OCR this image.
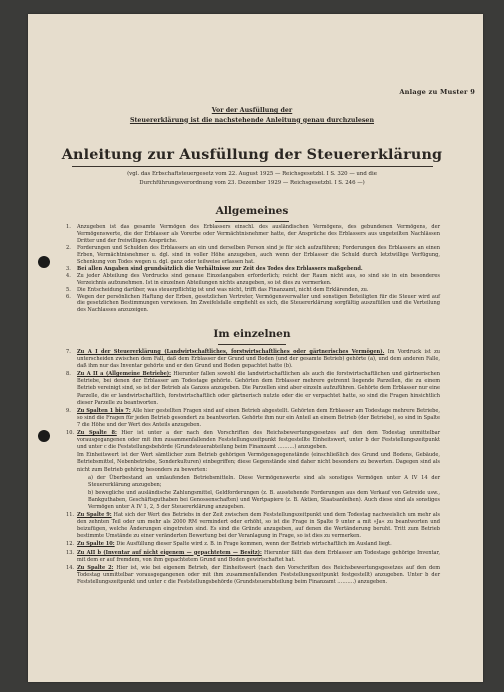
Anlage zu Muster 9

Vor der Ausfüllung der
Steuererklärung ist die nachstehende Anleitung genau durchzulesen
Anleitung zur Ausfüllung der Steuererklärung
(vgl. das Erbschaftsteuergesetz vom 22. August 1925 — Reichsgesetzbl. I S. 320 — und die
Durchführungsverordnung vom 23. Dezember 1929 — Reichsgesetzbl. I S. 246 —)
Allgemeines
1.	Anzugeben ist das gesamte Vermögen des Erblassers einschl. des ausländischen Vermögens, des gebundenen Vermögens, der Vermögenswerte, die der Erblasser als Vorerbe oder Vermächtnisnehmer hatte, der Ansprüche des Erblassers aus ungeteilten Nachlässen Dritter und der freiwilligen Ansprüche.
2.	Forderungen und Schulden des Erblassers an ein und derselben Person sind je für sich aufzuführen; Forderungen des Erblassers an einen Erben, Vermächtnisnehmer u. dgl. sind in voller Höhe anzugeben, auch wenn der Erblasser die Schuld durch letztwillige Verfügung, Schenkung von Todes wegen u. dgl. ganz oder teilweise erlassen hat.
3.	Bei allen Angaben sind grundsätzlich die Verhältnisse zur Zeit des Todes des Erblassers maßgebend.
4.	Zu jeder Abteilung des Vordrucks sind genaue Einzelangaben erforderlich; reicht der Raum nicht aus, so sind sie in ein besonderes Verzeichnis aufzunehmen. Ist in einzelnen Abteilungen nichts anzugeben, so ist dies zu vermerken.
5.	Die Entscheidung darüber, was steuerpflichtig ist und was nicht, trifft das Finanzamt, nicht dem Erklärenden, zu.
6.	Wegen der persönlichen Haftung der Erben, gesetzlichen Vertreter, Vermögensverwalter und sonstigen Beteiligten für die Steuer wird auf die gesetzlichen Bestimmungen verwiesen. Im Zweifelsfalle empfiehlt es sich, die Steuererklärung sorgfältig auszufüllen und die Verteilung des Nachlasses anzuzeigen.
Im einzelnen
7.	Zu A I der Steuererklärung (Landwirtschaftliches, forstwirtschaftliches oder gärtnerisches Vermögen). Im Vordruck ist zu unterscheiden zwischen dem Fall, daß dem Erblasser der Grund und Boden (und der gesamte Betrieb) gehörte (a), und dem anderen Falle, daß ihm nur das Inventar gehörte und er den Grund und Boden gepachtet hatte (b).
8.	Zu A II a (Allgemeine Betriebe): Hierunter fallen sowohl die landwirtschaftlichen als auch die forstwirtschaftlichen und gärtnerischen Betriebe, bei denen der Erblasser am Todestage gehörte. Gehörten dem Erblasser mehrere getrennt liegende Parzellen, die zu einem Betrieb vereinigt sind, so ist der Betrieb als Ganzes anzugeben. Die Parzellen sind aber einzeln aufzuführen. Gehörte dem Erblasser nur eine Parzelle, die er landwirtschaftlich, forstwirtschaftlich oder gärtnerisch nutzte oder die er verpachtet hatte, so sind die Fragen hinsichtlich dieser Parzelle zu beantworten.
9.	Zu Spalten 1 bis 7: Alle hier gestellten Fragen sind auf einen Betrieb abgestellt. Gehörten dem Erblasser am Todestage mehrere Betriebe, so sind die Fragen für jeden Betrieb gesondert zu beantworten. Gehörte ihm nur ein Anteil an einem Betrieb (der Betriebe), so sind in Spalte 7 die Höhe und der Wert des Anteils anzugeben.
10. Zu Spalte 8: Hier ist unter a der nach den Vorschriften des Reichsbewertungsgesetzes auf den dem Todestag unmittelbar vorausgegangenen oder mit ihm zusammenfallenden Feststellungszeitpunkt festgestellte Einheitswert, unter b der Feststellungszeitpunkt und unter c die Feststellungsbehörde (Grundsteuerabteilung beim Finanzamt ……….) anzugeben.
Im Einheitswert ist der Wert sämtlicher zum Betrieb gehörigen Vermögensgegenstände (einschließlich des Grund und Bodens, Gebäude, Betriebsmittel, Nebenbetriebe, Sonderkulturen) einbegriffen; diese Gegenstände sind daher nicht besonders zu bewerten. Dagegen sind als nicht zum Betrieb gehörig besonders zu bewerten:
a) der Überbestand an umlaufenden Betriebsmitteln. Diese Vermögenswerte sind als sonstiges Vermögen unter A IV 14 der Steuererklärung anzugeben;
b) bewegliche und ausländische Zahlungsmittel, Geldforderungen (z. B. ausstehende Forderungen aus dem Verkauf von Getreide usw., Bankguthaben, Geschäftsguthaben bei Genossenschaften) und Wertpapiere (z. B. Aktien, Staatsanleihen). Auch diese sind als sonstiges Vermögen unter A IV 1, 2, 5 der Steuererklärung anzugeben.
11. Zu Spalte 9: Hat sich der Wert des Betriebs in der Zeit zwischen dem Feststellungszeitpunkt und dem Todestag nachweislich um mehr als den zehnten Teil oder um mehr als 2000 RM vermindert oder erhöht, so ist die Frage in Spalte 9 unter a mit »Ja« zu beantworten und beizufügen, welche Änderungen eingetreten sind. Es sind die Gründe anzugeben, auf denen die Wertänderung beruht. Tritt zum Betrieb bestimmte Umstände zu einer veränderten Bewertung bei der Veranlagung in Frage, so ist dies zu vermerken.
12. Zu Spalte 10: Die Ausfüllung dieser Spalte wird z. B. in Frage kommen, wenn der Betrieb wirtschaftlich im Ausland liegt.
13. Zu AII b (Inventar auf nicht eigenem — gepachtetem — Besitz): Hierunter fällt das dem Erblasser am Todestage gehörige Inventar, mit dem er auf fremdem, von ihm gepachtetem Grund und Boden gewirtschaftet hat.
14. Zu Spalte 2: Hier ist, wie bei eigenem Betrieb, der Einheitswert (nach den Vorschriften des Reichsbewertungsgesetzes auf den dem Todestag unmittelbar vorausgegangenen oder mit ihm zusammenfallenden Feststellungszeitpunkt festgestellt) anzugeben. Unter b der Feststellungszeitpunkt und unter c die Feststellungsbehörde (Grundsteuerabteilung beim Finanzamt ……….) anzugeben.
